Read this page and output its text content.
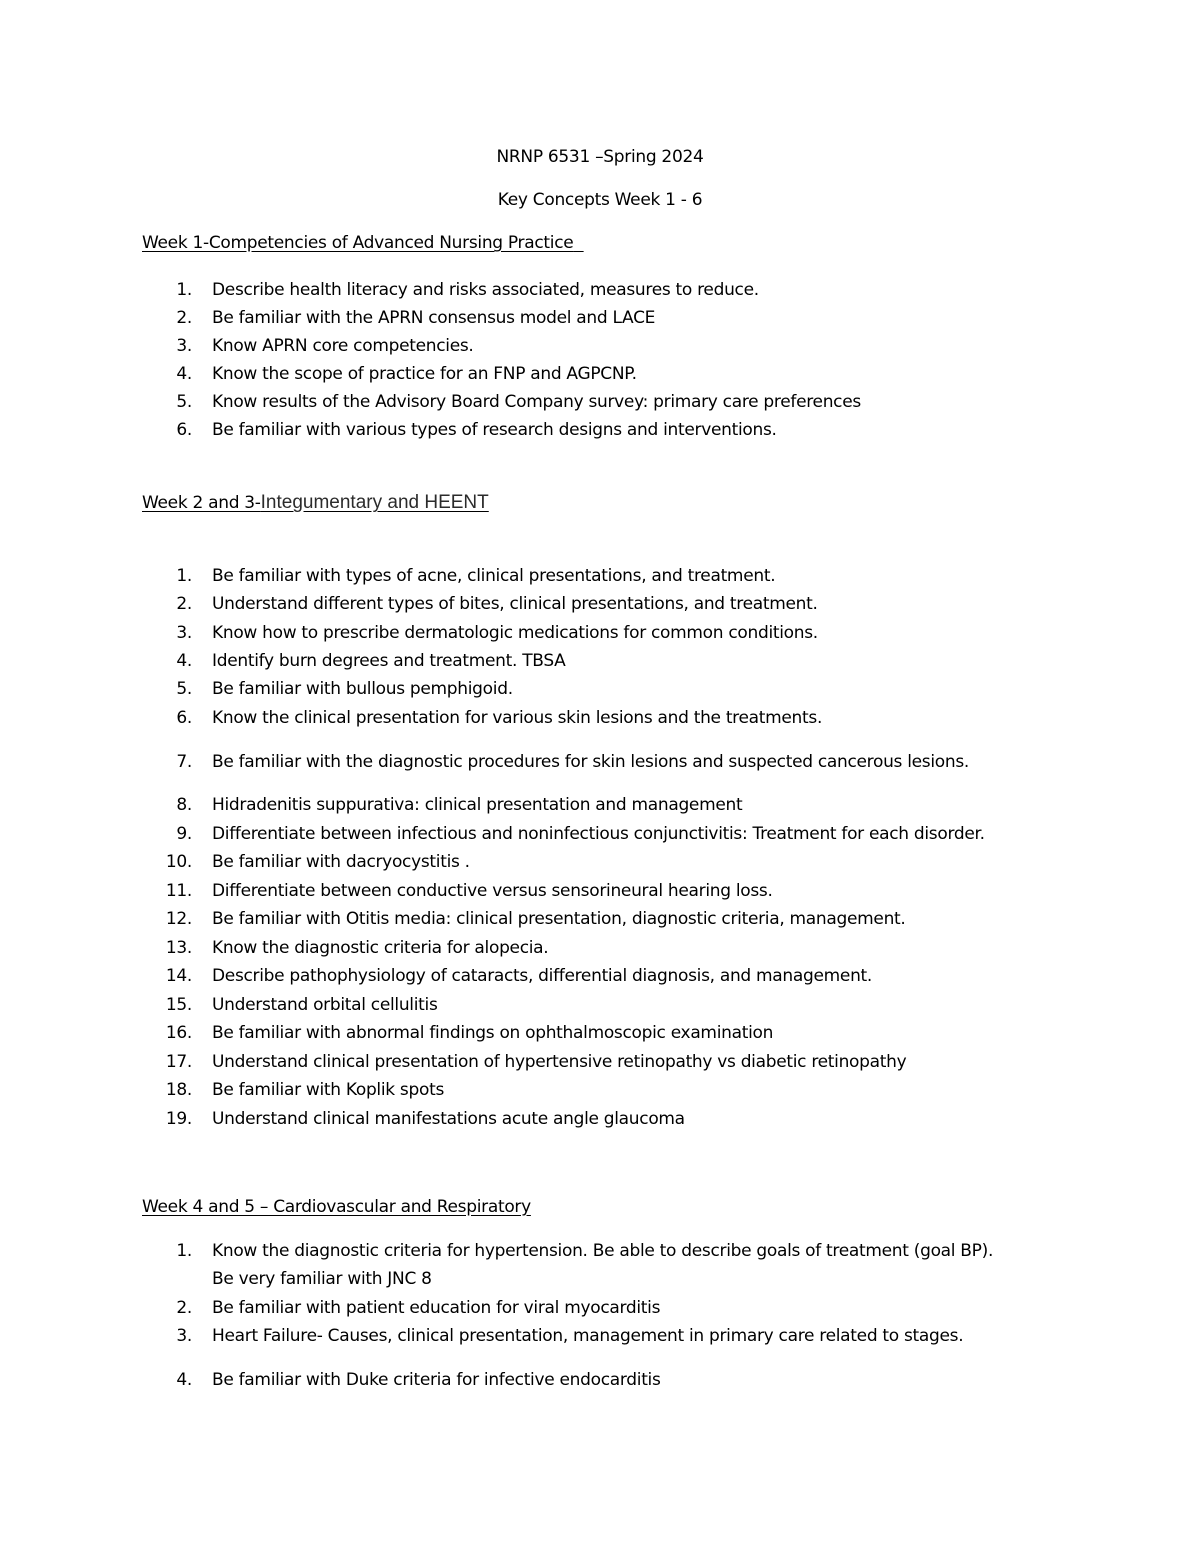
NRNP 6531 –Spring 2024
Key Concepts Week 1 - 6
Week 1-Competencies of Advanced Nursing Practice
1. Describe health literacy and risks associated, measures to reduce.
2. Be familiar with the APRN consensus model and LACE
3. Know APRN core competencies.
4. Know the scope of practice for an FNP and AGPCNP.
5. Know results of the Advisory Board Company survey: primary care preferences
6. Be familiar with various types of research designs and interventions.
Week 2 and 3-Integumentary and HEENT
1. Be familiar with types of acne, clinical presentations, and treatment.
2. Understand different types of bites, clinical presentations, and treatment.
3. Know how to prescribe dermatologic medications for common conditions.
4. Identify burn degrees and treatment. TBSA
5. Be familiar with bullous pemphigoid.
6. Know the clinical presentation for various skin lesions and the treatments.
7. Be familiar with the diagnostic procedures for skin lesions and suspected cancerous lesions.
8. Hidradenitis suppurativa: clinical presentation and management
9. Differentiate between infectious and noninfectious conjunctivitis: Treatment for each disorder.
10. Be familiar with dacryocystitis .
11. Differentiate between conductive versus sensorineural hearing loss.
12. Be familiar with Otitis media: clinical presentation, diagnostic criteria, management.
13. Know the diagnostic criteria for alopecia.
14. Describe pathophysiology of cataracts, differential diagnosis, and management.
15. Understand orbital cellulitis
16. Be familiar with abnormal findings on ophthalmoscopic examination
17. Understand clinical presentation of hypertensive retinopathy vs diabetic retinopathy
18. Be familiar with Koplik spots
19. Understand clinical manifestations acute angle glaucoma
Week 4 and 5 – Cardiovascular and Respiratory
1. Know the diagnostic criteria for hypertension. Be able to describe goals of treatment (goal BP).
Be very familiar with JNC 8
2. Be familiar with patient education for viral myocarditis
3. Heart Failure- Causes, clinical presentation, management in primary care related to stages.
4. Be familiar with Duke criteria for infective endocarditis
